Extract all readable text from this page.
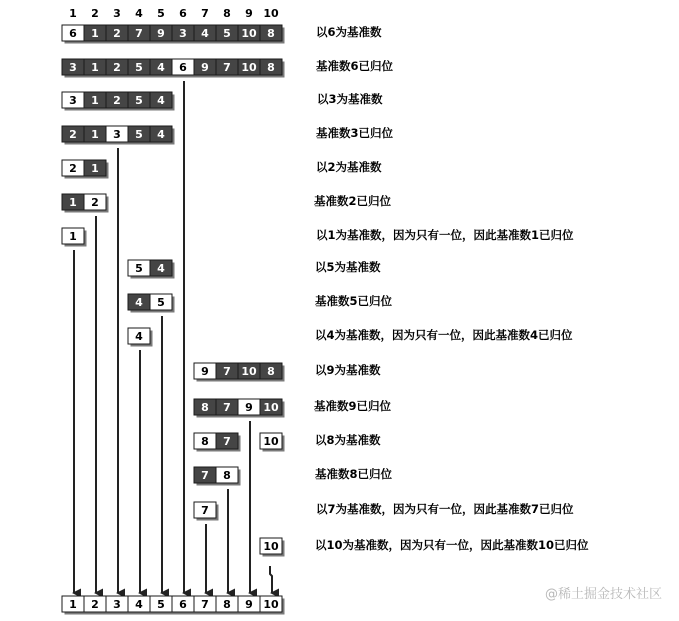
1 2 3 4 5 6 7 8 9 10
6 1 2 7 9 3 4 5 10 8
3 1 2 5 4 6 9 7 10 8
3 1 2 5 4
2 1 3 5 4
2 1
1 2
1
5 4
4 5
4
9 7 10 8
8 7 9 10
8 7	10
7 8
7
10
以6为基准数
基准数6已归位
以3为基准数
基准数3已归位
以2为基准数
基准数2已归位
以1为基准数，因为只有一位，因此基准数1已归位
以5为基准数
基准数5已归位
以4为基准数，因为只有一位，因此基准数4已归位
以9为基准数
基准数9已归位
以8为基准数
基准数8已归位
以7为基准数，因为只有一位，因此基准数7已归位
以10为基准数，因为只有一位，因此基准数10已归位
1 2 3 4 5 6 7 8 9 10
@稀土掘金技术社区
